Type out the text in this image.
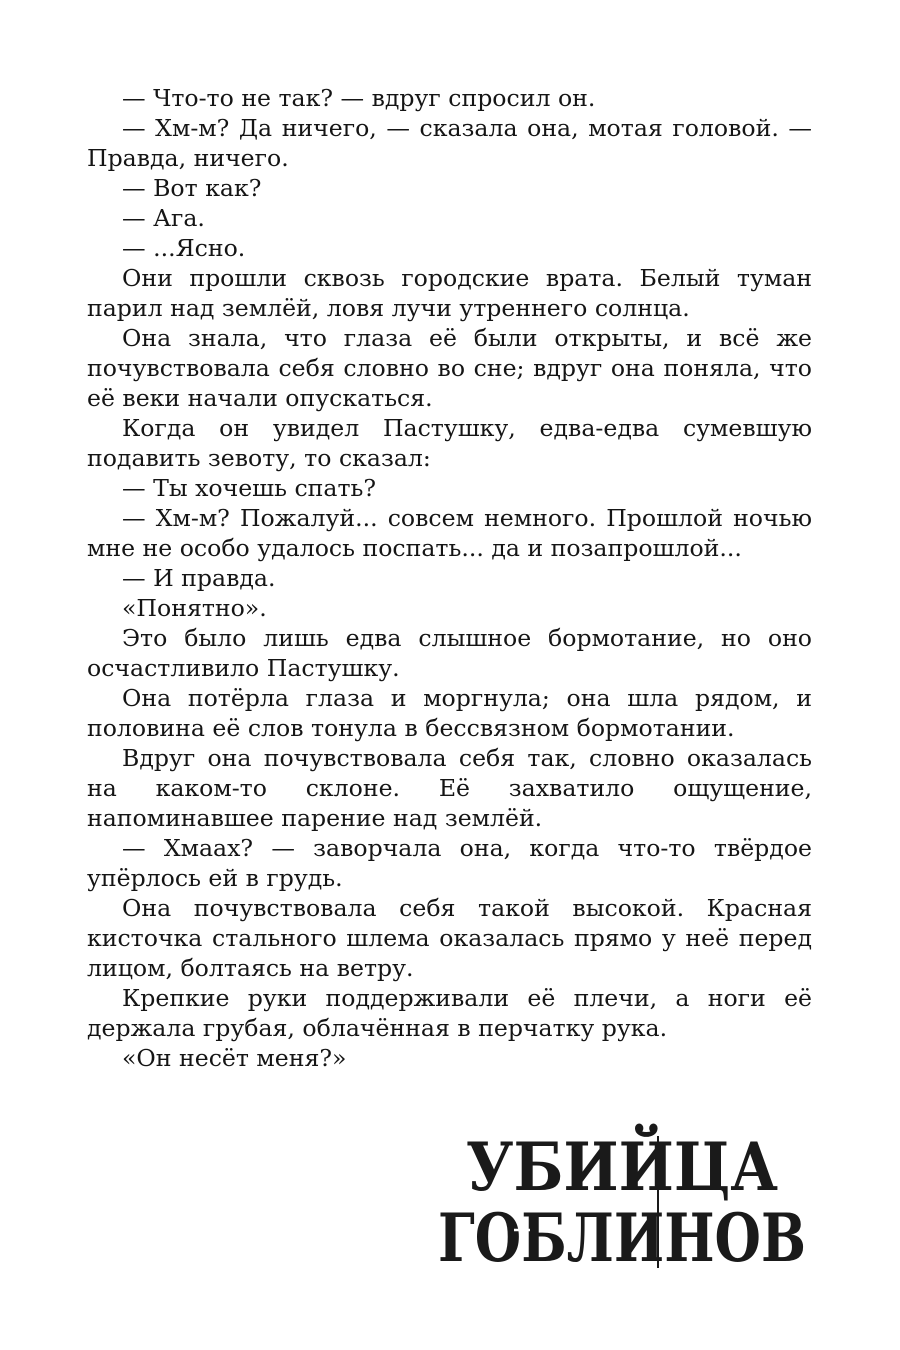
— Что-то не так? — вдруг спросил он.

— Хм-м? Да ничего, — сказала она, мотая головой. — Правда, ничего.

— Вот как?

— Ага.

— ...Ясно.

Они прошли сквозь городские врата. Белый туман парил над землёй, ловя лучи утреннего солнца.

Она знала, что глаза её были открыты, и всё же почувствовала себя словно во сне; вдруг она поняла, что её веки начали опускаться.

Когда он увидел Пастушку, едва-едва сумевшую подавить зевоту, то сказал:

— Ты хочешь спать?

— Хм-м? Пожалуй... совсем немного. Прошлой ночью мне не особо удалось поспать... да и позапрошлой...

— И правда.

«Понятно».

Это было лишь едва слышное бормотание, но оно осчастливило Пастушку.

Она потёрла глаза и моргнула; она шла рядом, и половина её слов тонула в бессвязном бормотании.

Вдруг она почувствовала себя так, словно оказалась на каком-то склоне. Её захватило ощущение, напоминавшее парение над землёй.

— Хмаах? — заворчала она, когда что-то твёрдое упёрлось ей в грудь.

Она почувствовала себя такой высокой. Красная кисточка стального шлема оказалась прямо у неё перед лицом, болтаясь на ветру.

Крепкие руки поддерживали её плечи, а ноги её держала грубая, облачённая в перчатку рука.

«Он несёт меня?»

УБИЙЦА
ГОБЛИНОВ
